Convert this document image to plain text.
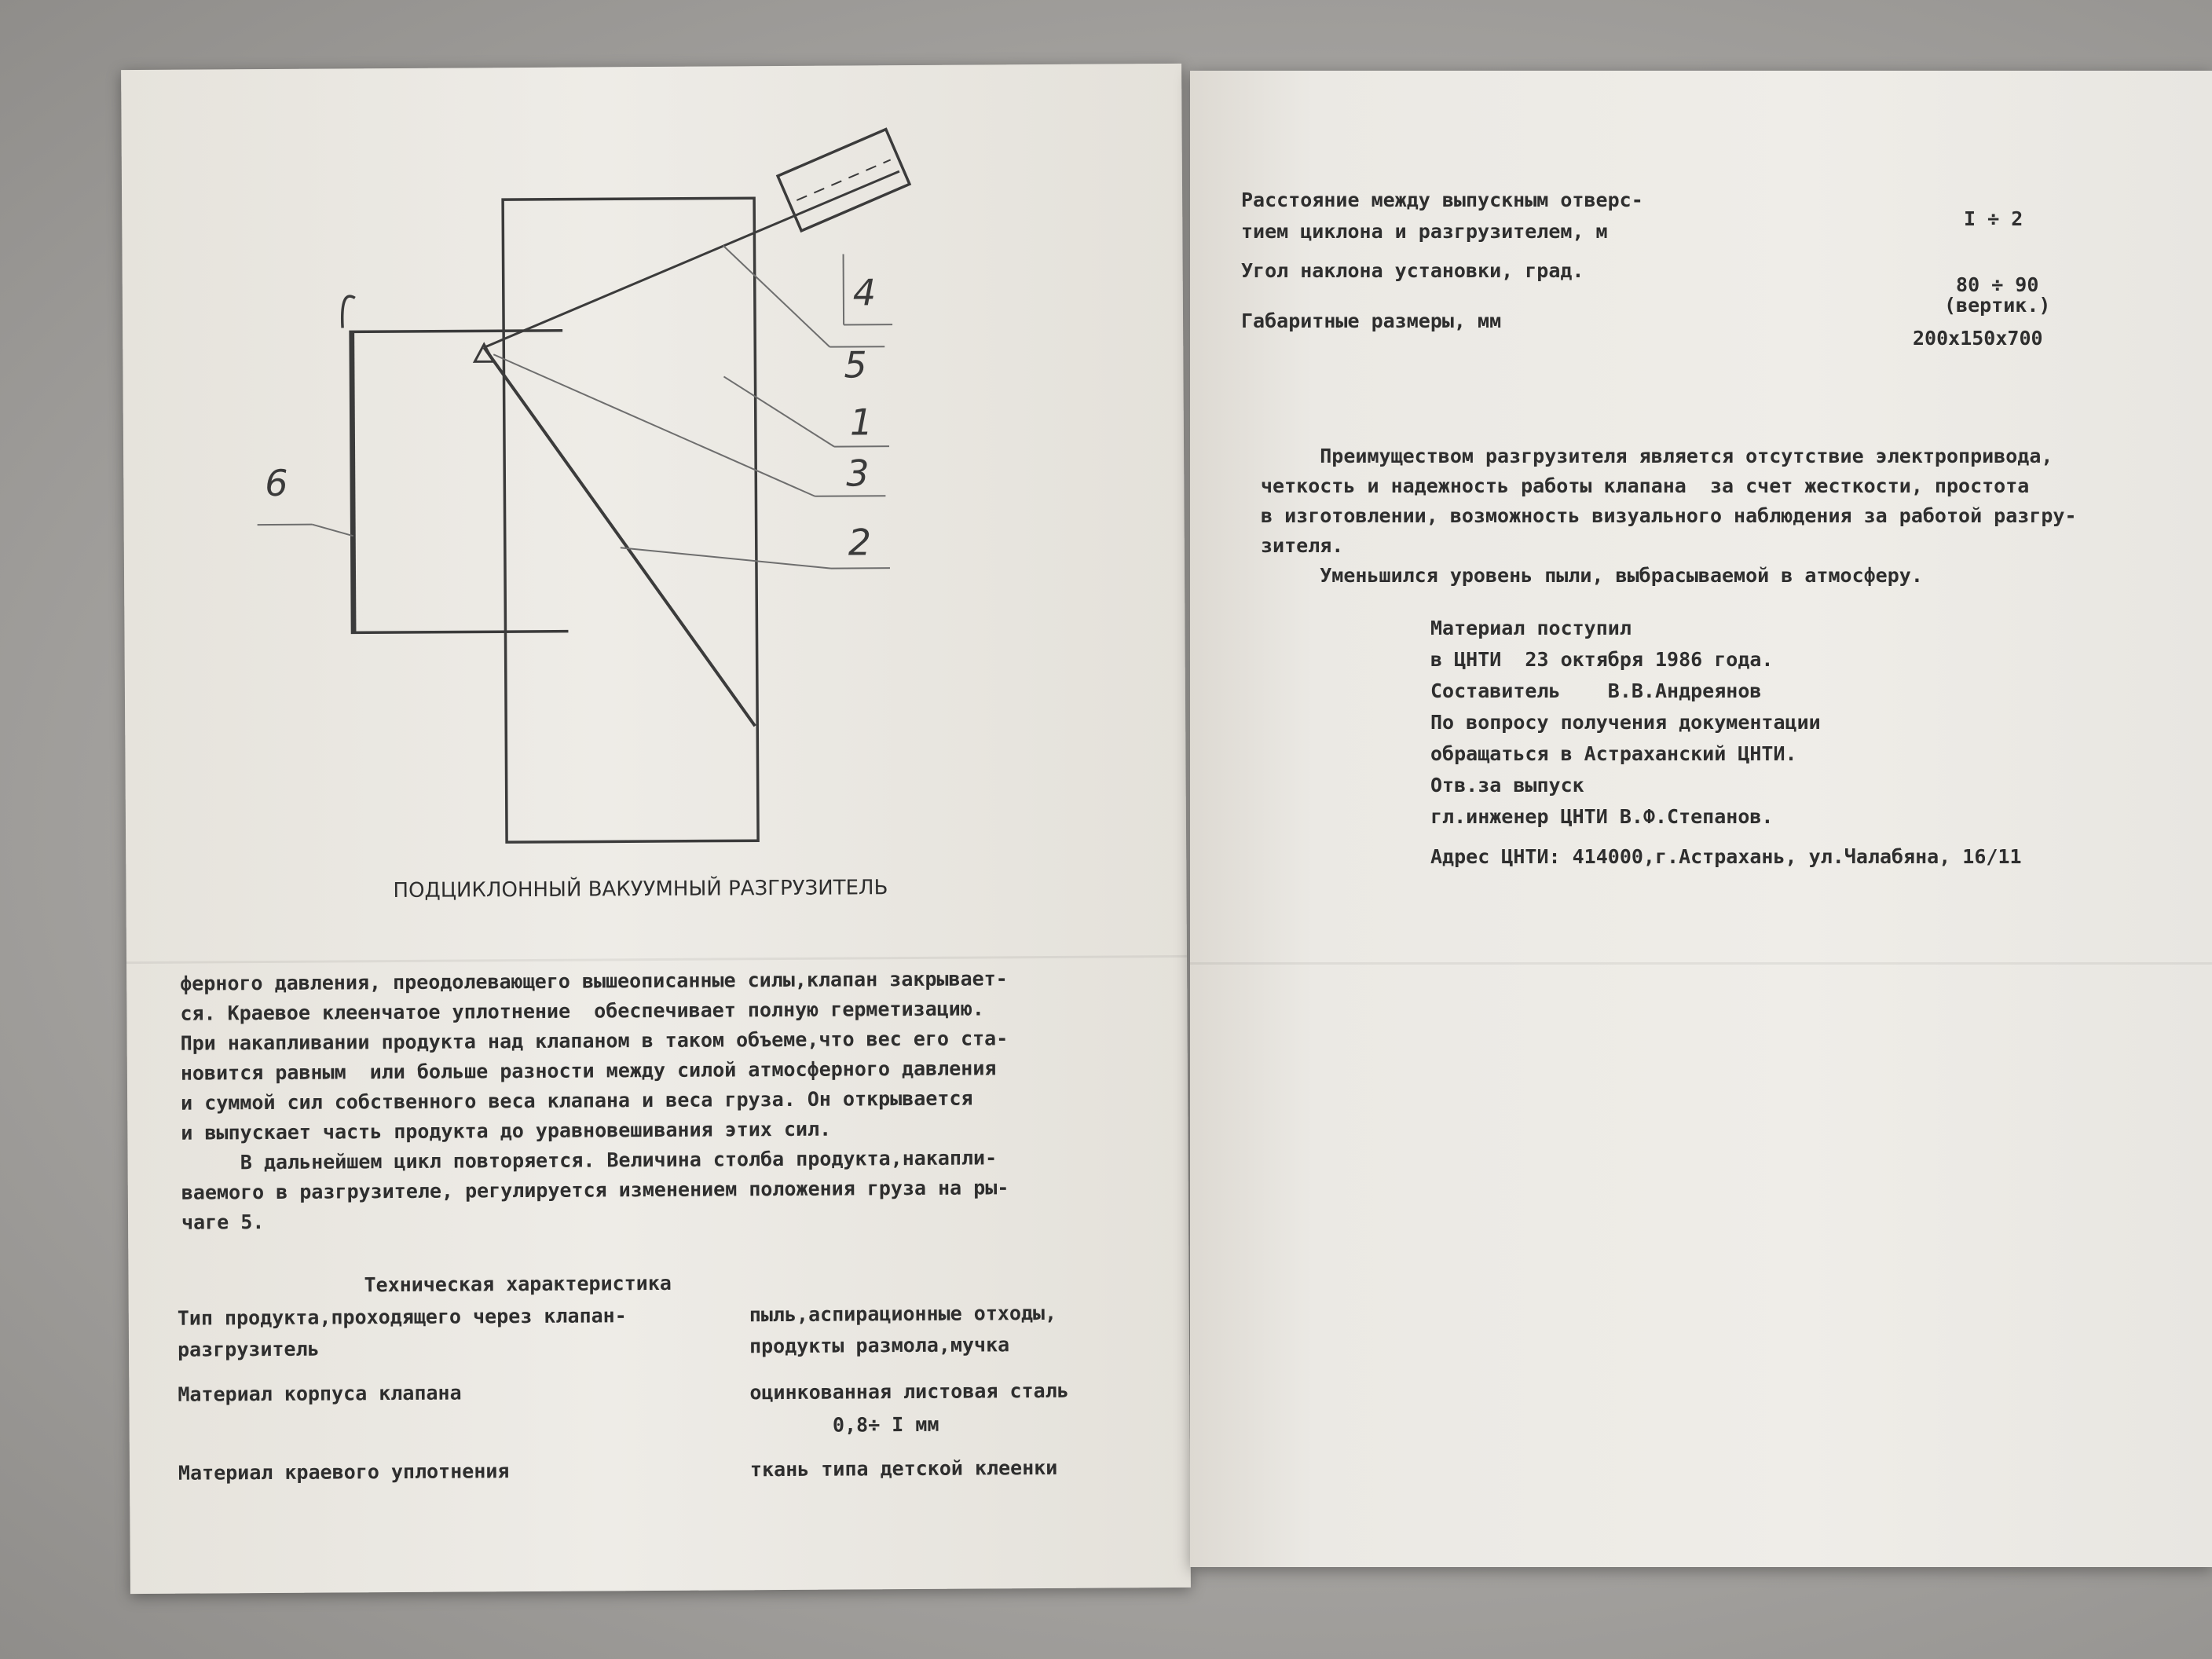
4
5
1
3
2
6
ПОДЦИКЛОННЫЙ ВАКУУМНЫЙ РАЗГРУЗИТЕЛЬ
ферного давления, преодолевающего вышеописанные силы,клапан закрывает-
ся. Краевое клеенчатое уплотнение  обеспечивает полную герметизацию.
При накапливании продукта над клапаном в таком объеме,что вес его ста-
новится равным  или больше разности между силой атмосферного давления
и суммой сил собственного веса клапана и веса груза. Он открывается
и выпускает часть продукта до уравновешивания этих сил.
В дальнейшем цикл повторяется. Величина столба продукта,накапли-
ваемого в разгрузителе, регулируется изменением положения груза на ры-
чаге 5.
Техническая характеристика
Тип продукта,проходящего через клапан-
разгрузитель
пыль,аспирационные отходы,
продукты размола,мучка
Материал корпуса клапана	оцинкованная листовая сталь
0,8÷ I мм
Материал краевого уплотнения	ткань типа детской клеенки
Расстояние между выпускным отверс-
тием циклона и разгрузителем, м
I ÷ 2
Угол наклона установки, град.
80 ÷ 90
(вертик.)
Габаритные размеры, мм
200x150x700
Преимуществом разгрузителя является отсутствие электропривода,
четкость и надежность работы клапана  за счет жесткости, простота
в изготовлении, возможность визуального наблюдения за работой разгру-
зителя.
Уменьшился уровень пыли, выбрасываемой в атмосферу.
Материал поступил
в ЦНТИ  23 октября 1986 года.
Составитель    В.В.Андреянов
По вопросу получения документации
обращаться в Астраханский ЦНТИ.
Отв.за выпуск
гл.инженер ЦНТИ В.Ф.Степанов.
Адрес ЦНТИ: 414000,г.Астрахань, ул.Чалабяна, 16/11
